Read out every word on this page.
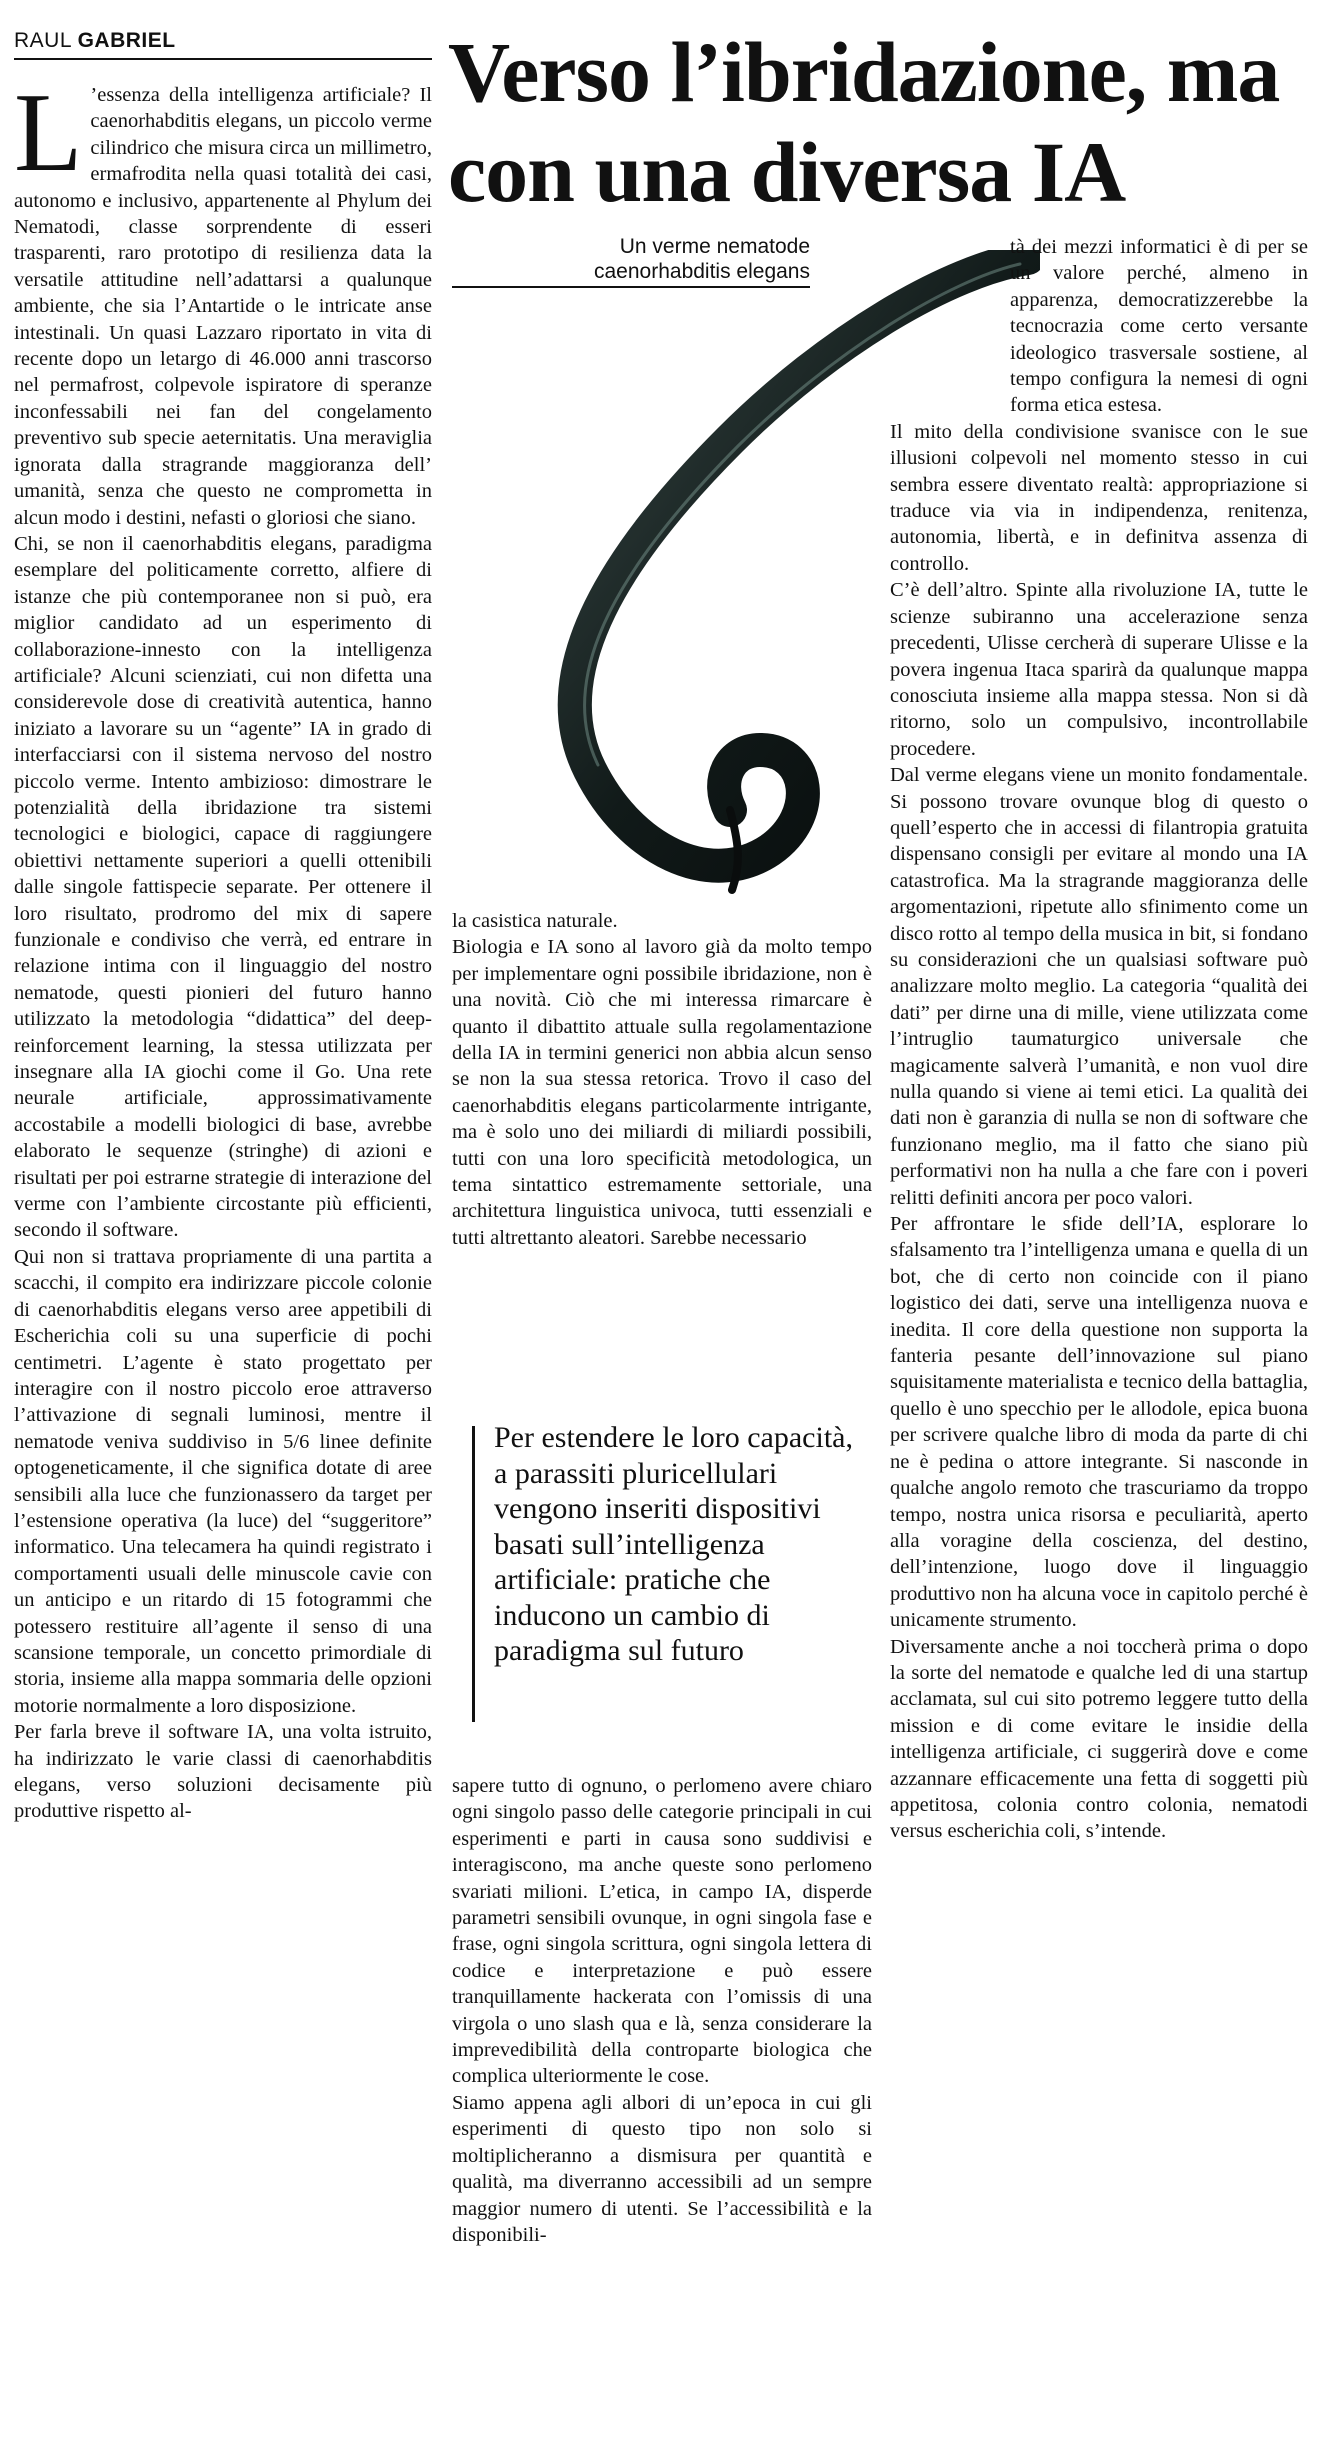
RAUL GABRIEL	Verso l’ibridazione, ma con una diversa IA
Un verme nematode caenorhabditis elegans

L ’essenza della intelligenza artificiale? Il caenorhabditis elegans, un piccolo verme cilindrico che misura circa un millimetro, ermafrodita nella quasi totalità dei casi, autonomo e inclusivo, appartenente al Phylum dei Nematodi, classe sorprendente di esseri trasparenti, raro prototipo di resilienza data la versatile attitudine nell’adattarsi a qualunque ambiente, che sia l’Antartide o le intricate anse intestinali. Un quasi Lazzaro riportato in vita di recente dopo un letargo di 46.000 anni trascorso nel permafrost, colpevole ispiratore di speranze inconfessabili nei fan del congelamento preventivo sub specie aeternitatis. Una meraviglia ignorata dalla stragrande maggioranza dell’ umanità, senza che questo ne comprometta in alcun modo i destini, nefasti o gloriosi che siano.

Chi, se non il caenorhabditis elegans, paradigma esemplare del politicamente corretto, alfiere di istanze che più contemporanee non si può, era miglior candidato ad un esperimento di collaborazione-innesto con la intelligenza artificiale? Alcuni scienziati, cui non difetta una considerevole dose di creatività autentica, hanno iniziato a lavorare su un “agente” IA in grado di interfacciarsi con il sistema nervoso del nostro piccolo verme. Intento ambizioso: dimostrare le potenzialità della ibridazione tra sistemi tecnologici e biologici, capace di raggiungere obiettivi nettamente superiori a quelli ottenibili dalle singole fattispecie separate. Per ottenere il loro risultato, prodromo del mix di sapere funzionale e condiviso che verrà, ed entrare in relazione intima con il linguaggio del nostro nematode, questi pionieri del futuro hanno utilizzato la metodologia “didattica” del deep-reinforcement learning, la stessa utilizzata per insegnare alla IA giochi come il Go. Una rete neurale artificiale, approssimativamente accostabile a modelli biologici di base, avrebbe elaborato le sequenze (stringhe) di azioni e risultati per poi estrarne strategie di interazione del verme con l’ambiente circostante più efficienti, secondo il software.

Qui non si trattava propriamente di una partita a scacchi, il compito era indirizzare piccole colonie di caenorhabditis elegans verso aree appetibili di Escherichia coli su una superficie di pochi centimetri. L’agente è stato progettato per interagire con il nostro piccolo eroe attraverso l’attivazione di segnali luminosi, mentre il nematode veniva suddiviso in 5/6 linee definite optogeneticamente, il che significa dotate di aree sensibili alla luce che funzionassero da target per l’estensione operativa (la luce) del “suggeritore” informatico. Una telecamera ha quindi registrato i comportamenti usuali delle minuscole cavie con un anticipo e un ritardo di 15 fotogrammi che potessero restituire all’agente il senso di una scansione temporale, un concetto primordiale di storia, insieme alla mappa sommaria delle opzioni motorie normalmente a loro disposizione.

Per farla breve il software IA, una volta istruito, ha indirizzato le varie classi di caenorhabditis elegans, verso soluzioni decisamente più produttive rispetto al-

la casistica naturale.

Biologia e IA sono al lavoro già da molto tempo per implementare ogni possibile ibridazione, non è una novità. Ciò che mi interessa rimarcare è quanto il dibattito attuale sulla regolamentazione della IA in termini generici non abbia alcun senso se non la sua stessa retorica. Trovo il caso del caenorhabditis elegans particolarmente intrigante, ma è solo uno dei miliardi di miliardi possibili, tutti con una loro specificità metodologica, un tema sintattico estremamente settoriale, una architettura linguistica univoca, tutti essenziali e tutti altrettanto aleatori. Sarebbe necessario

Per estendere le loro capacità, a parassiti pluricellulari vengono inseriti dispositivi basati sull’intelligenza artificiale: pratiche che inducono un cambio di paradigma sul futuro

sapere tutto di ognuno, o perlomeno avere chiaro ogni singolo passo delle categorie principali in cui esperimenti e parti in causa sono suddivisi e interagiscono, ma anche queste sono perlomeno svariati milioni. L’etica, in campo IA, disperde parametri sensibili ovunque, in ogni singola fase e frase, ogni singola scrittura, ogni singola lettera di codice e interpretazione e può essere tranquillamente hackerata con l’omissis di una virgola o uno slash qua e là, senza considerare la imprevedibilità della controparte biologica che complica ulteriormente le cose.

Siamo appena agli albori di un’epoca in cui gli esperimenti di questo tipo non solo si moltiplicheranno a dismisura per quantità e qualità, ma diverranno accessibili ad un sempre maggior numero di utenti. Se l’accessibilità e la disponibili-

tà dei mezzi informatici è di per se un valore perché, almeno in apparenza, democratizzerebbe la tecnocrazia come certo versante ideologico trasversale sostiene, al tempo configura la nemesi di ogni forma etica estesa.

Il mito della condivisione svanisce con le sue illusioni colpevoli nel momento stesso in cui sembra essere diventato realtà: appropriazione si traduce via via in indipendenza, renitenza, autonomia, libertà, e in definitva assenza di controllo.

C’è dell’altro. Spinte alla rivoluzione IA, tutte le scienze subiranno una accelerazione senza precedenti, Ulisse cercherà di superare Ulisse e la povera ingenua Itaca sparirà da qualunque mappa conosciuta insieme alla mappa stessa. Non si dà ritorno, solo un compulsivo, incontrollabile procedere.

Dal verme elegans viene un monito fondamentale. Si possono trovare ovunque blog di questo o quell’esperto che in accessi di filantropia gratuita dispensano consigli per evitare al mondo una IA catastrofica. Ma la stragrande maggioranza delle argomentazioni, ripetute allo sfinimento come un disco rotto al tempo della musica in bit, si fondano su considerazioni che un qualsiasi software può analizzare molto meglio. La categoria “qualità dei dati” per dirne una di mille, viene utilizzata come l’intruglio taumaturgico universale che magicamente salverà l’umanità, e non vuol dire nulla quando si viene ai temi etici. La qualità dei dati non è garanzia di nulla se non di software che funzionano meglio, ma il fatto che siano più performativi non ha nulla a che fare con i poveri relitti definiti ancora per poco valori.

Per affrontare le sfide dell’IA, esplorare lo sfalsamento tra l’intelligenza umana e quella di un bot, che di certo non coincide con il piano logistico dei dati, serve una intelligenza nuova e inedita. Il core della questione non supporta la fanteria pesante dell’innovazione sul piano squisitamente materialista e tecnico della battaglia, quello è uno specchio per le allodole, epica buona per scrivere qualche libro di moda da parte di chi ne è pedina o attore integrante. Si nasconde in qualche angolo remoto che trascuriamo da troppo tempo, nostra unica risorsa e peculiarità, aperto alla voragine della coscienza, del destino, dell’intenzione, luogo dove il linguaggio produttivo non ha alcuna voce in capitolo perché è unicamente strumento.

Diversamente anche a noi toccherà prima o dopo la sorte del nematode e qualche led di una startup acclamata, sul cui sito potremo leggere tutto della mission e di come evitare le insidie della intelligenza artificiale, ci suggerirà dove e come azzannare efficacemente una fetta di soggetti più appetitosa, colonia contro colonia, nematodi versus escherichia coli, s’intende.
